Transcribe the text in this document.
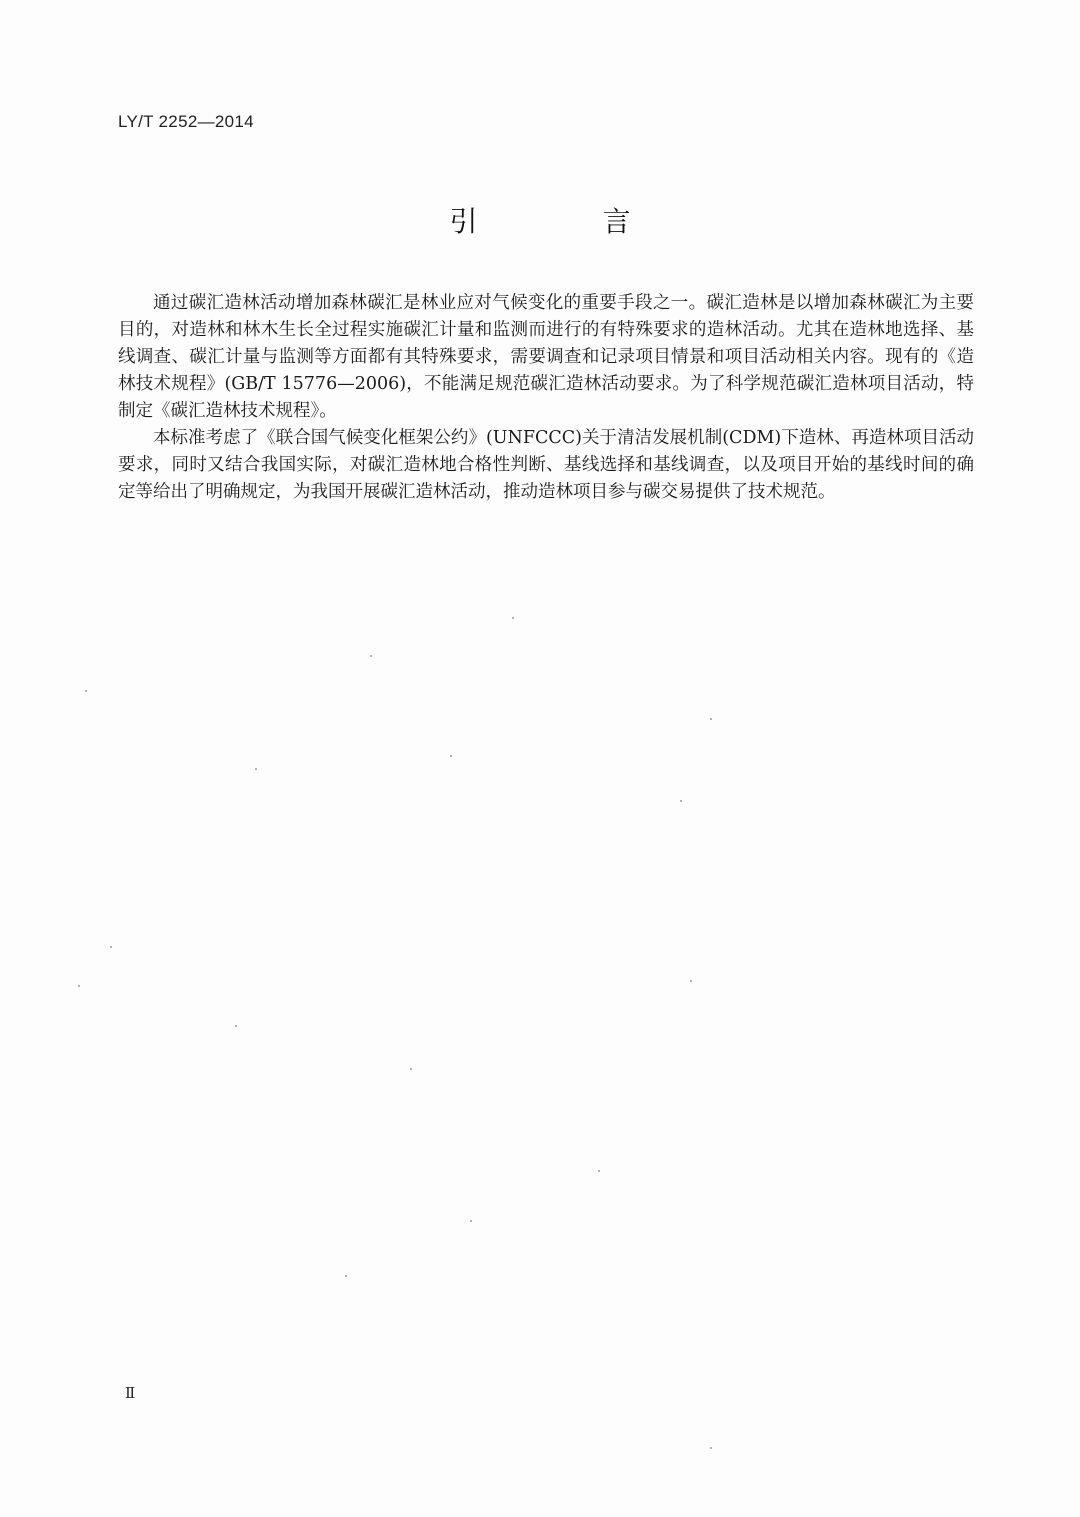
LY/T 2252—2014
引 言

通过碳汇造林活动增加森林碳汇是林业应对气候变化的重要手段之一。碳汇造林是以增加森林碳汇为主要目的，对造林和林木生长全过程实施碳汇计量和监测而进行的有特殊要求的造林活动。尤其在造林地选择、基线调查、碳汇计量与监测等方面都有其特殊要求，需要调查和记录项目情景和项目活动相关内容。现有的《造林技术规程》(GB/T 15776—2006)，不能满足规范碳汇造林活动要求。为了科学规范碳汇造林项目活动，特制定《碳汇造林技术规程》。

本标准考虑了《联合国气候变化框架公约》(UNFCCC)关于清洁发展机制(CDM)下造林、再造林项目活动要求，同时又结合我国实际，对碳汇造林地合格性判断、基线选择和基线调查，以及项目开始的基线时间的确定等给出了明确规定，为我国开展碳汇造林活动，推动造林项目参与碳交易提供了技术规范。

Ⅱ
